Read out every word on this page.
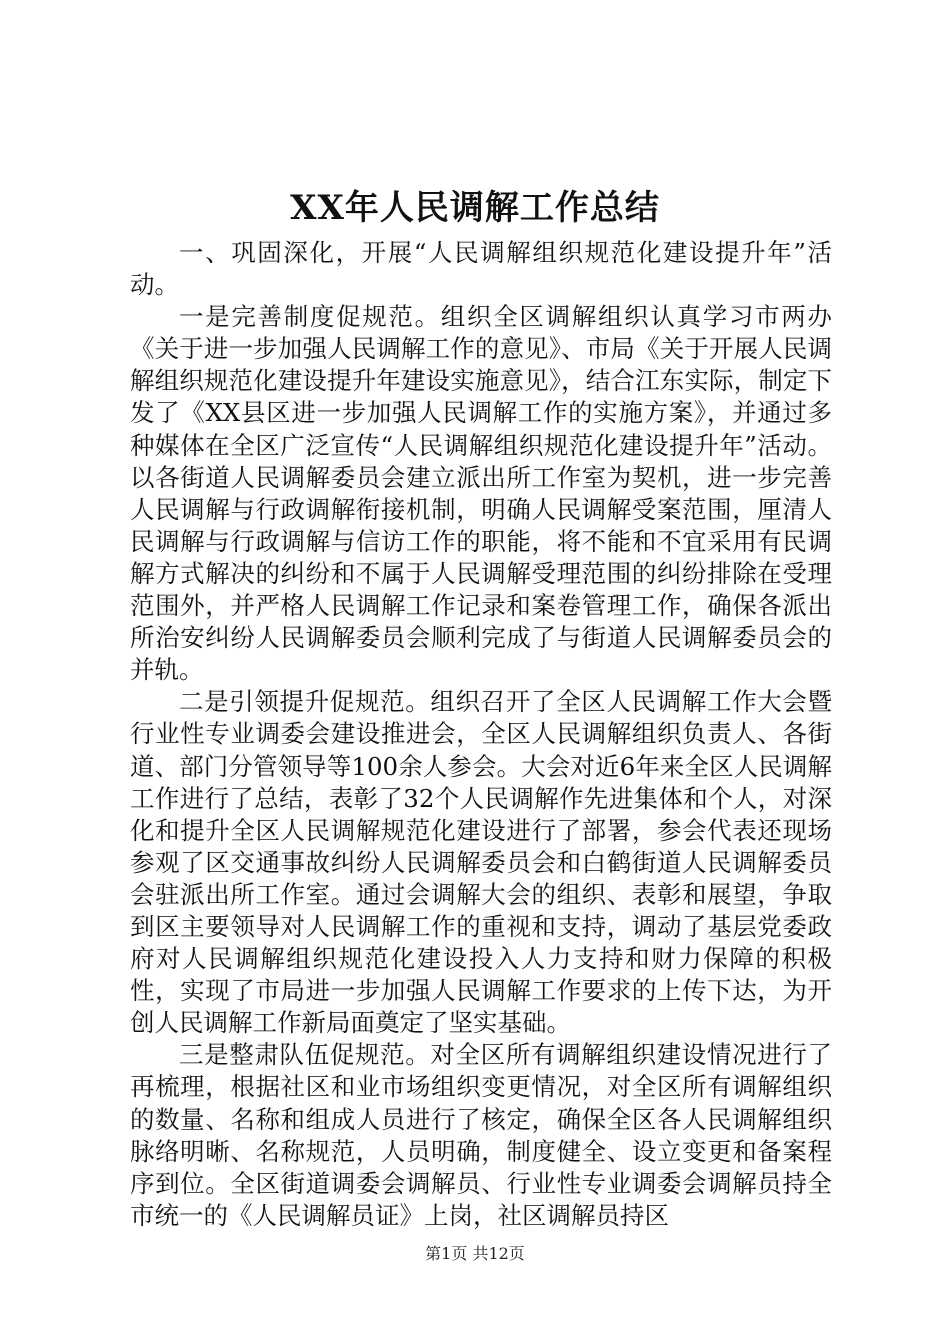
XX年人民调解工作总结

一、巩固深化，开展“人民调解组织规范化建设提升年”活动。

一是完善制度促规范。组织全区调解组织认真学习市两办《关于进一步加强人民调解工作的意见》、市局《关于开展人民调解组织规范化建设提升年建设实施意见》，结合江东实际，制定下发了《XX县区进一步加强人民调解工作的实施方案》，并通过多种媒体在全区广泛宣传“人民调解组织规范化建设提升年”活动。以各街道人民调解委员会建立派出所工作室为契机，进一步完善人民调解与行政调解衔接机制，明确人民调解受案范围，厘清人民调解与行政调解与信访工作的职能，将不能和不宜采用有民调解方式解决的纠纷和不属于人民调解受理范围的纠纷排除在受理范围外，并严格人民调解工作记录和案卷管理工作，确保各派出所治安纠纷人民调解委员会顺利完成了与街道人民调解委员会的并轨。

二是引领提升促规范。组织召开了全区人民调解工作大会暨行业性专业调委会建设推进会，全区人民调解组织负责人、各街道、部门分管领导等100余人参会。大会对近6年来全区人民调解工作进行了总结，表彰了32个人民调解作先进集体和个人，对深化和提升全区人民调解规范化建设进行了部署，参会代表还现场参观了区交通事故纠纷人民调解委员会和白鹤街道人民调解委员会驻派出所工作室。通过会调解大会的组织、表彰和展望，争取到区主要领导对人民调解工作的重视和支持，调动了基层党委政府对人民调解组织规范化建设投入人力支持和财力保障的积极性，实现了市局进一步加强人民调解工作要求的上传下达，为开创人民调解工作新局面奠定了坚实基础。

三是整肃队伍促规范。对全区所有调解组织建设情况进行了再梳理，根据社区和业市场组织变更情况，对全区所有调解组织的数量、名称和组成人员进行了核定，确保全区各人民调解组织脉络明晰、名称规范，人员明确，制度健全、设立变更和备案程序到位。全区街道调委会调解员、行业性专业调委会调解员持全市统一的《人民调解员证》上岗，社区调解员持区

第1页 共12页
